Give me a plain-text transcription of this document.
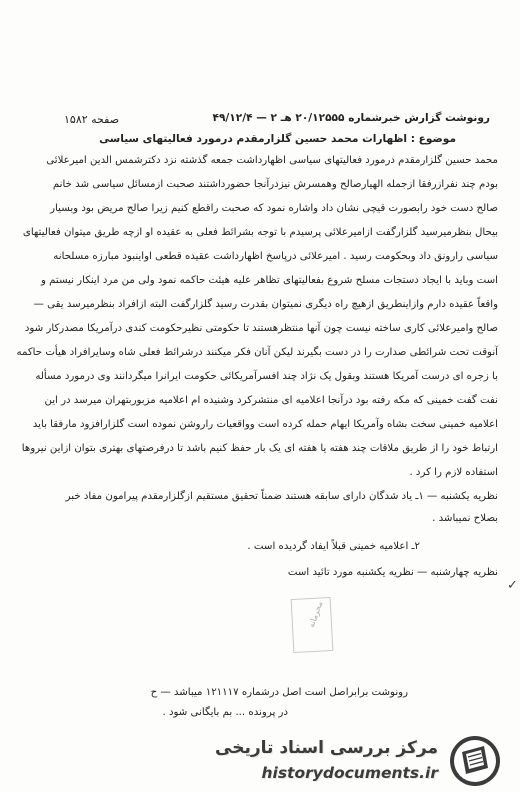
صفحه ۱۵۸۲	رونوشت گزارش خبرشماره ۲۰/۱۲۵۵۵ هـ ۲ — ۴۹/۱۲/۴
موضوع : اظهارات محمد حسین گلزارمقدم درمورد فعالیتهای سیاسی
محمد حسین گلزارمقدم درمورد فعالیتهای سیاسی اظهارداشت جمعه گذشته نزد دکترشمس الدین امیرعلائی
بودم چند نفرازرفقا ازجمله الهیارصالح وهمسرش نیزدرآنجا حضورداشتند صحبت ازمسائل سیاسی شد خانم
صالح دست خود رابصورت قیچی نشان داد واشاره نمود که صحبت راقطع کنیم زیرا صالح مریض بود وبسیار
بیحال بنظرمیرسید گلزارگفت ازامیرعلائی پرسیدم با توجه بشرائط فعلی به عقیده او ازچه طریق میتوان فعالیتهای
سیاسی رارونق داد وبحکومت رسید . امیرعلائی درپاسخ اظهارداشت عقیده قطعی اواینبود مبارزه مسلحانه
است وباید با ایجاد دستجات مسلح شروع بفعالیتهای تظاهر علیه هیئت حاکمه نمود ولی من مرد اینکار نیستم و
واقعاً عقیده دارم وازاینطریق ازهیچ راه دیگری نمیتوان بقدرت رسید گلزارگفت البته ازافراد بنظرمیرسد یقی —
صالح وامیرعلائی کاری ساخته نیست چون آنها منتظرهستند تا حکومتی نظیرحکومت کندی درآمریکا مصدرکار شود
آنوقت تحت شرائطی صدارت را در دست بگیرند لیکن آنان فکر میکنند درشرائط فعلی شاه وسایرافراد هیأت حاکمه
با زجره ای درست آمریکا هستند وبقول یک نژاد چند افسرآمریکائی حکومت ایرانرا میگردانند وی درمورد مسأله
نفت گفت خمینی که مکه رفته بود درآنجا اعلامیه ای منتشرکرد وشنیده ام اعلامیه مزبوربتهران میرسد در این
اعلامیه خمینی سخت بشاه وآمریکا ایهام حمله کرده است وواقعیات راروشن نموده است گلزارافزود مارفقا باید
ارتباط خود را از طریق ملاقات چند هفته یا هفته ای یک بار حفظ کنیم باشد تا درفرصتهای بهتری بتوان ازاین نیروها
استفاده لازم را کرد .
نظریه یکشنبه — ۱ـ یاد شدگان دارای سابقه هستند ضمناً تحقیق مستقیم ازگلزارمقدم پیرامون مفاد خبر
بصلاح نمیباشد .
۲ـ اعلامیه خمینی قبلاً ایفاد گردیده است .
نظریه چهارشنبه — نظریه یکشنبه مورد تائید است
✓
محرمانه
رونوشت برابراصل است اصل درشماره ۱۲۱۱۱۷ میباشد — ح
در پرونده ... بم بایگانی شود .
مرکز بررسی اسناد تاریخی
historydocuments.ir
